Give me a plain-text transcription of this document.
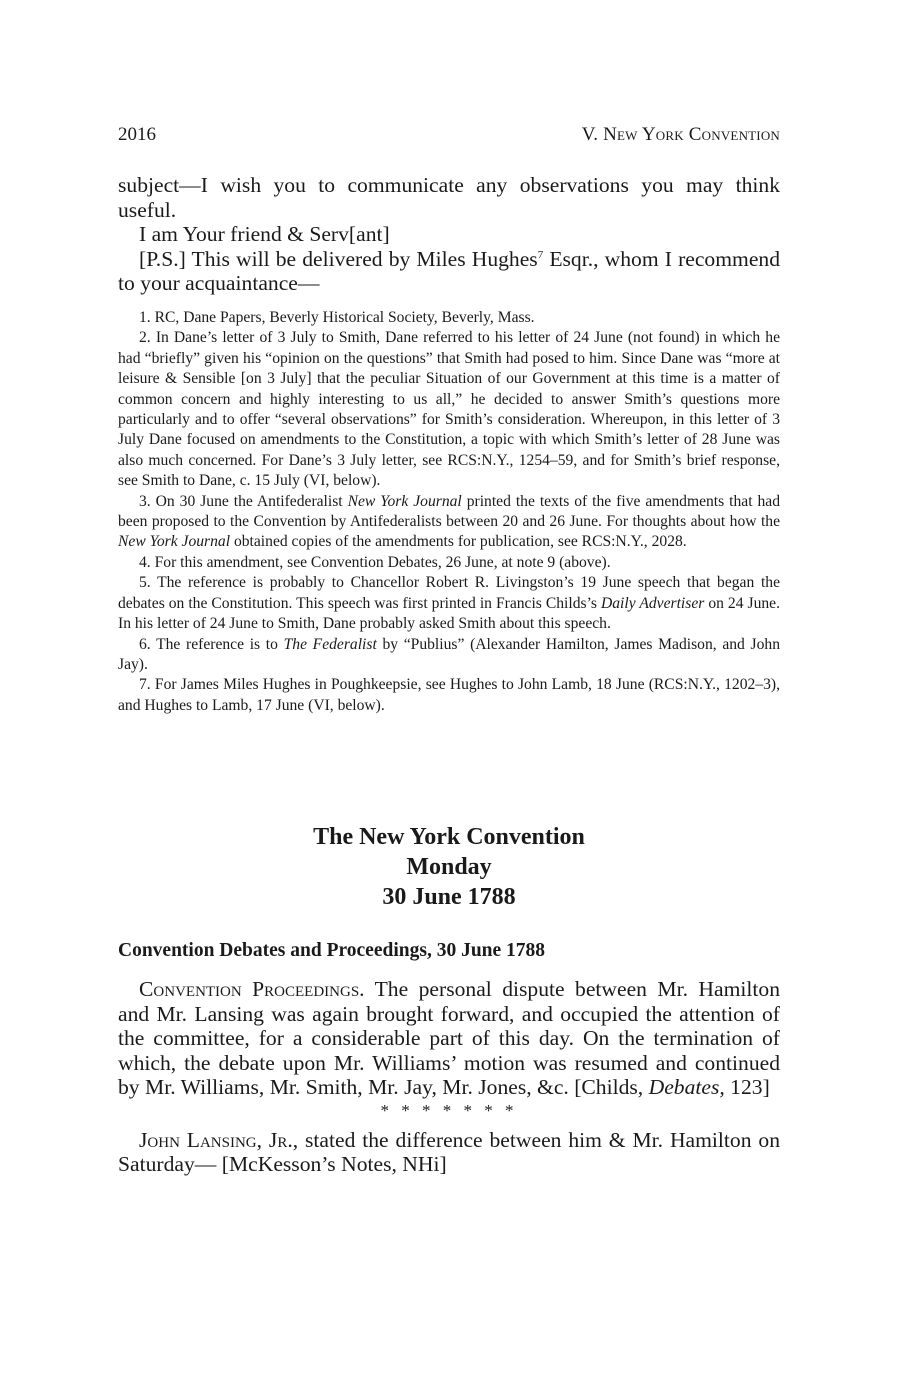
2016	V. New York Convention

subject—I wish you to communicate any observations you may think useful.

I am Your friend & Serv[ant]

[P.S.] This will be delivered by Miles Hughes$^7$ Esqr., whom I recommend to your acquaintance—

1. RC, Dane Papers, Beverly Historical Society, Beverly, Mass.

2. In Dane’s letter of 3 July to Smith, Dane referred to his letter of 24 June (not found) in which he had “briefly” given his “opinion on the questions” that Smith had posed to him. Since Dane was “more at leisure & Sensible [on 3 July] that the peculiar Situation of our Government at this time is a matter of common concern and highly interesting to us all,” he decided to answer Smith’s questions more particularly and to offer “several observations” for Smith’s consideration. Whereupon, in this letter of 3 July Dane focused on amendments to the Constitution, a topic with which Smith’s letter of 28 June was also much concerned. For Dane’s 3 July letter, see RCS:N.Y., 1254–59, and for Smith’s brief response, see Smith to Dane, c. 15 July (VI, below).

3. On 30 June the Antifederalist New York Journal printed the texts of the five amendments that had been proposed to the Convention by Antifederalists between 20 and 26 June. For thoughts about how the New York Journal obtained copies of the amendments for publication, see RCS:N.Y., 2028.

4. For this amendment, see Convention Debates, 26 June, at note 9 (above).

5. The reference is probably to Chancellor Robert R. Livingston’s 19 June speech that began the debates on the Constitution. This speech was first printed in Francis Childs’s Daily Advertiser on 24 June. In his letter of 24 June to Smith, Dane probably asked Smith about this speech.

6. The reference is to The Federalist by “Publius” (Alexander Hamilton, James Madison, and John Jay).

7. For James Miles Hughes in Poughkeepsie, see Hughes to John Lamb, 18 June (RCS:N.Y., 1202–3), and Hughes to Lamb, 17 June (VI, below).

The New York Convention
Monday
30 June 1788
Convention Debates and Proceedings, 30 June 1788

Convention Proceedings. The personal dispute between Mr. Hamilton and Mr. Lansing was again brought forward, and occupied the attention of the committee, for a considerable part of this day. On the termination of which, the debate upon Mr. Williams’ motion was resumed and continued by Mr. Williams, Mr. Smith, Mr. Jay, Mr. Jones, &c. [Childs, Debates, 123]

* * * * * * *

John Lansing, Jr., stated the difference between him & Mr. Hamilton on Saturday— [McKesson’s Notes, NHi]
